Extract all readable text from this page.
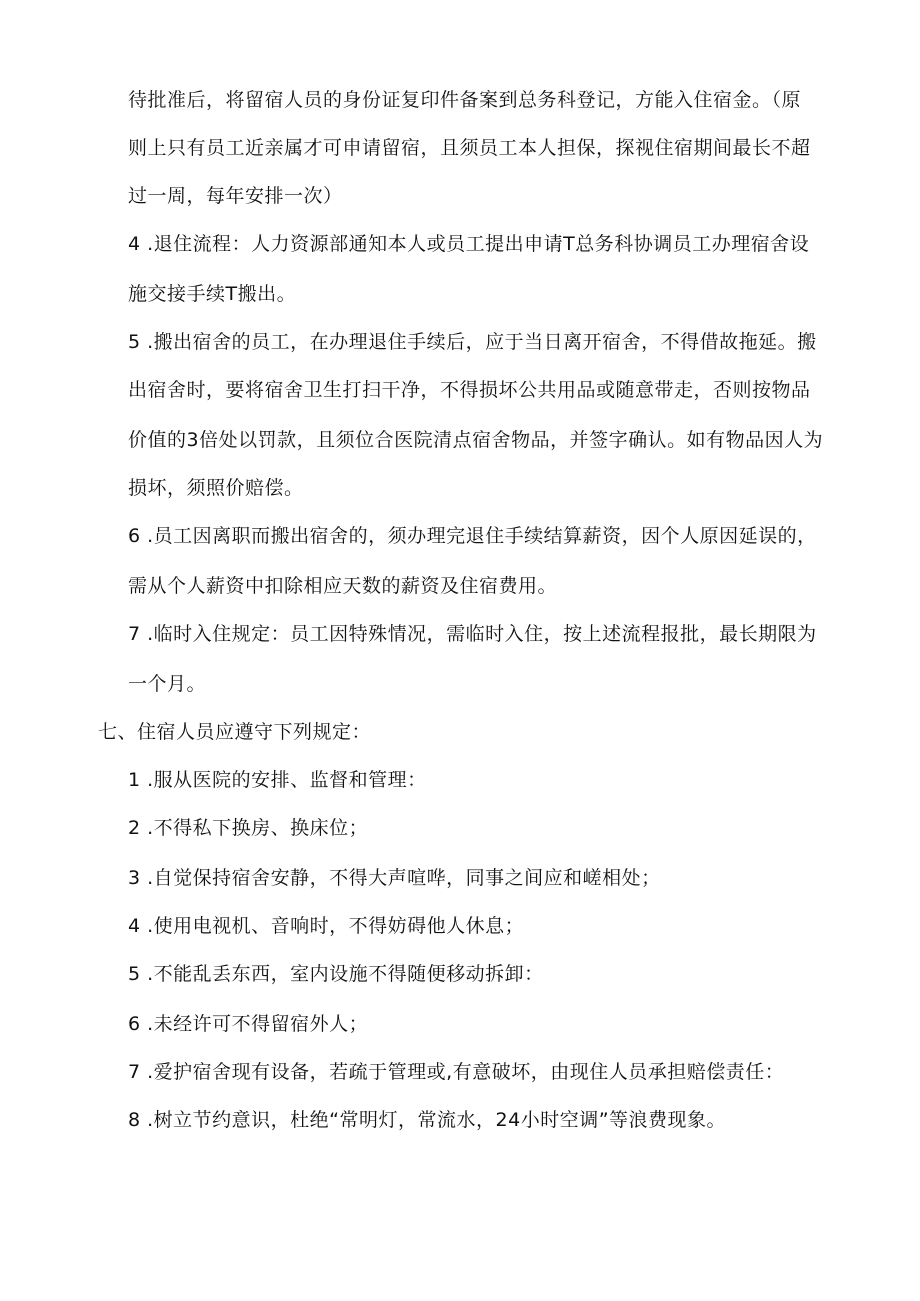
待批准后，将留宿人员的身份证复印件备案到总务科登记，方能入住宿金。（原
则上只有员工近亲属才可申请留宿，且须员工本人担保，探视住宿期间最长不超
过一周，每年安排一次）
4 .退住流程：人力资源部通知本人或员工提出申请T总务科协调员工办理宿舍设
施交接手续T搬出。
5 .搬出宿舍的员工，在办理退住手续后，应于当日离开宿舍，不得借故拖延。搬
出宿舍时，要将宿舍卫生打扫干净，不得损坏公共用品或随意带走，否则按物品
价值的3倍处以罚款，且须位合医院清点宿舍物品，并签字确认。如有物品因人为
损坏，须照价赔偿。
6 .员工因离职而搬出宿舍的，须办理完退住手续结算薪资，因个人原因延误的，
需从个人薪资中扣除相应天数的薪资及住宿费用。
7 .临时入住规定：员工因特殊情况，需临时入住，按上述流程报批，最长期限为
一个月。
七、住宿人员应遵守下列规定：
1 .服从医院的安排、监督和管理：
2 .不得私下换房、换床位；
3 .自觉保持宿舍安静，不得大声喧哗，同事之间应和嵯相处；
4 .使用电视机、音响时，不得妨碍他人休息；
5 .不能乱丢东西，室内设施不得随便移动拆卸：
6 .未经许可不得留宿外人；
7 .爱护宿舍现有设备，若疏于管理或,有意破坏，由现住人员承担赔偿责任：
8 .树立节约意识，杜绝“常明灯，常流水，24小时空调”等浪费现象。
